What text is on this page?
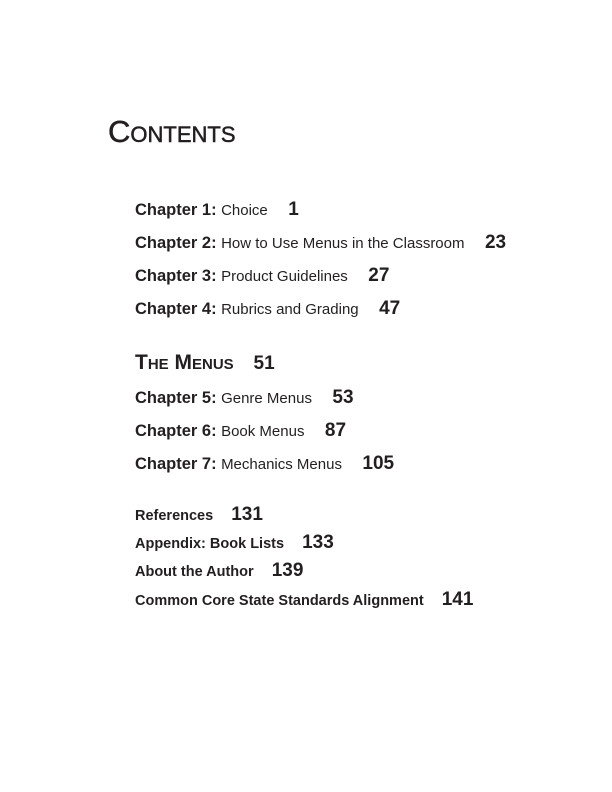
Contents
Chapter 1: Choice 1
Chapter 2: How to Use Menus in the Classroom 23
Chapter 3: Product Guidelines 27
Chapter 4: Rubrics and Grading 47
The Menus 51
Chapter 5: Genre Menus 53
Chapter 6: Book Menus 87
Chapter 7: Mechanics Menus 105
References 131
Appendix: Book Lists 133
About the Author 139
Common Core State Standards Alignment 141
